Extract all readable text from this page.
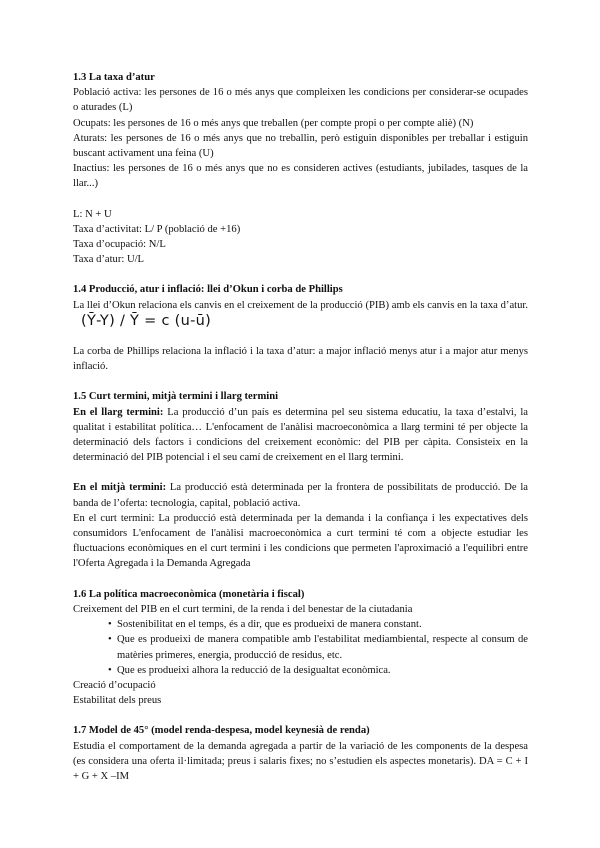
1.3 La taxa d’atur

Població activa: les persones de 16 o més anys que compleixen les condicions per considerar-se ocupades o aturades (L)

Ocupats: les persones de 16 o més anys que treballen (per compte propi o per compte aliè) (N)

Aturats: les persones de 16 o més anys que no treballin, però estiguin disponibles per treballar i estiguin buscant activament una feina (U)

Inactius: les persones de 16 o més anys que no es consideren actives (estudiants, jubilades, tasques de la llar...)

L: N + U

Taxa d’activitat: L/ P (població de +16)

Taxa d’ocupació: N/L

Taxa d’atur: U/L

1.4 Producció, atur i inflació: llei d’Okun i corba de Phillips

La llei d’Okun relaciona els canvis en el creixement de la producció (PIB) amb els canvis en la taxa d’atur.(Ȳ-Y) / Ȳ = c (u-ū)

La corba de Phillips relaciona la inflació i la taxa d’atur: a major inflació menys atur i a major atur menys inflació.

1.5 Curt termini, mitjà termini i llarg termini

En el llarg termini: La producció d’un país es determina pel seu sistema educatiu, la taxa d’estalvi, la qualitat i estabilitat política… L'enfocament de l'anàlisi macroeconòmica a llarg termini té per objecte la determinació dels factors i condicions del creixement econòmic: del PIB per càpita. Consisteix en la determinació del PIB potencial i el seu camí de creixement en el llarg termini.

En el mitjà termini: La producció està determinada per la frontera de possibilitats de producció. De la banda de l’oferta: tecnologia, capital, població activa.

En el curt termini: La producció està determinada per la demanda i la confiança i les expectatives dels consumidors L'enfocament de l'anàlisi macroeconòmica a curt termini té com a objecte estudiar les fluctuacions econòmiques en el curt termini i les condicions que permeten l'aproximació a l'equilibri entre l'Oferta Agregada i la Demanda Agregada

1.6 La política macroeconòmica (monetària i fiscal)

Creixement del PIB en el curt termini, de la renda i del benestar de la ciutadania

• Sostenibilitat en el temps, és a dir, que es produeixi de manera constant.
• Que es produeixi de manera compatible amb l'estabilitat mediambiental, respecte al consum de matèries primeres, energia, producció de residus, etc.
• Que es produeixi alhora la reducció de la desigualtat econòmica.

Creació d’ocupació

Estabilitat dels preus

1.7 Model de 45° (model renda-despesa, model keynesià de renda)

Estudia el comportament de la demanda agregada a partir de la variació de les components de la despesa (es considera una oferta il·limitada; preus i salaris fixes; no s’estudien els aspectes monetaris). DA = C + I + G + X –IM
